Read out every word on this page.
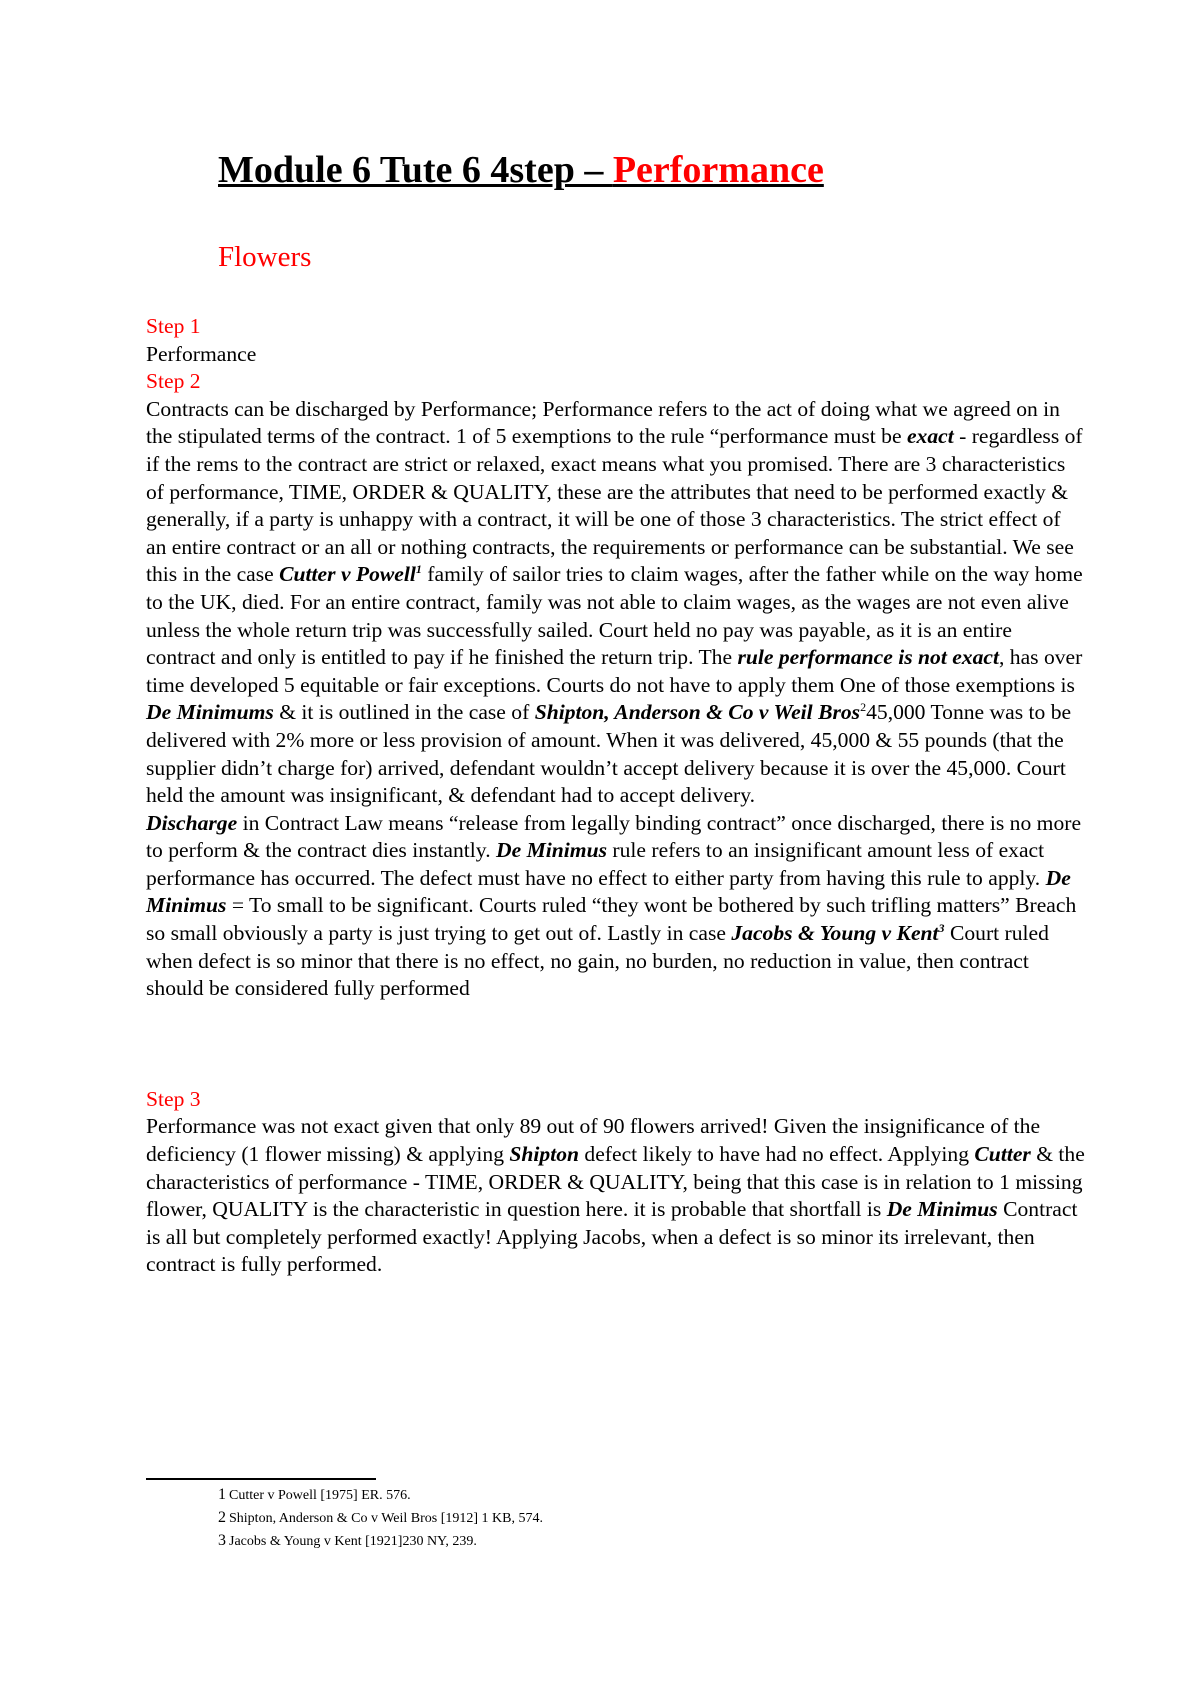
Module 6 Tute 6 4step – Performance
Flowers

Step 1

Performance

Step 2

Contracts can be discharged by Performance; Performance refers to the act of doing what we agreed on in the stipulated terms of the contract. 1 of 5 exemptions to the rule “performance must be exact - regardless of if the rems to the contract are strict or relaxed, exact means what you promised. There are 3 characteristics of performance, TIME, ORDER & QUALITY, these are the attributes that need to be performed exactly & generally, if a party is unhappy with a contract, it will be one of those 3 characteristics. The strict effect of an entire contract or an all or nothing contracts, the requirements or performance can be substantial. We see this in the case Cutter v Powell$^1$ family of sailor tries to claim wages, after the father while on the way home to the UK, died. For an entire contract, family was not able to claim wages, as the wages are not even alive unless the whole return trip was successfully sailed. Court held no pay was payable, as it is an entire contract and only is entitled to pay if he finished the return trip. The rule performance is not exact, has over time developed 5 equitable or fair exceptions. Courts do not have to apply them One of those exemptions is De Minimums & it is outlined in the case of Shipton, Anderson & Co v Weil Bros$^2$45,000 Tonne was to be delivered with 2% more or less provision of amount. When it was delivered, 45,000 & 55 pounds (that the supplier didn’t charge for) arrived, defendant wouldn’t accept delivery because it is over the 45,000. Court held the amount was insignificant, & defendant had to accept delivery.

Discharge in Contract Law means “release from legally binding contract” once discharged, there is no more to perform & the contract dies instantly. De Minimus rule refers to an insignificant amount less of exact performance has occurred. The defect must have no effect to either party from having this rule to apply. De Minimus = To small to be significant. Courts ruled “they wont be bothered by such trifling matters” Breach so small obviously a party is just trying to get out of. Lastly in case Jacobs & Young v Kent$^3$ Court ruled when defect is so minor that there is no effect, no gain, no burden, no reduction in value, then contract should be considered fully performed

Step 3

Performance was not exact given that only 89 out of 90 flowers arrived! Given the insignificance of the deficiency (1 flower missing) & applying Shipton defect likely to have had no effect. Applying Cutter & the characteristics of performance - TIME, ORDER & QUALITY, being that this case is in relation to 1 missing flower, QUALITY is the characteristic in question here. it is probable that shortfall is De Minimus Contract is all but completely performed exactly! Applying Jacobs, when a defect is so minor its irrelevant, then contract is fully performed.

1 Cutter v Powell [1975] ER. 576.
2 Shipton, Anderson & Co v Weil Bros [1912] 1 KB, 574.
3 Jacobs & Young v Kent [1921]230 NY, 239.
